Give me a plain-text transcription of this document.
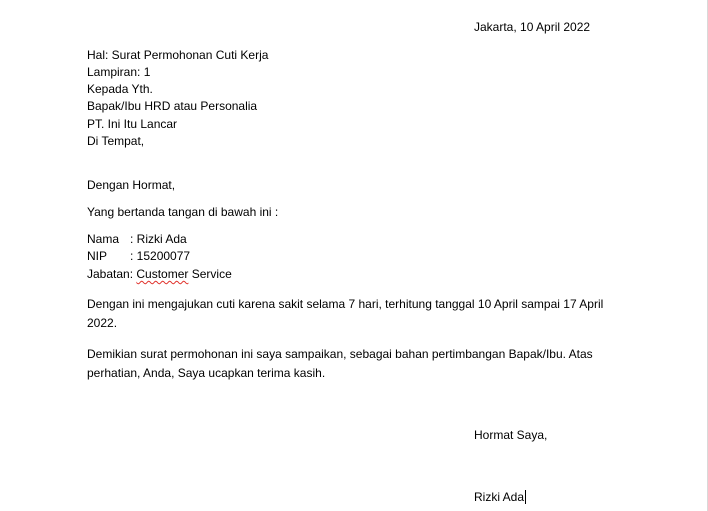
Jakarta, 10 April 2022
Hal: Surat Permohonan Cuti Kerja
Lampiran: 1
Kepada Yth.
Bapak/Ibu HRD atau Personalia
PT. Ini Itu Lancar
Di Tempat,
Dengan Hormat,
Yang bertanda tangan di bawah ini :
Nama : Rizki Ada
NIP : 15200077
Jabatan: Customer Service
Dengan ini mengajukan cuti karena sakit selama 7 hari, terhitung tanggal 10 April sampai 17 April
2022.
Demikian surat permohonan ini saya sampaikan, sebagai bahan pertimbangan Bapak/Ibu. Atas
perhatian, Anda, Saya ucapkan terima kasih.
Hormat Saya,
Rizki Ada
